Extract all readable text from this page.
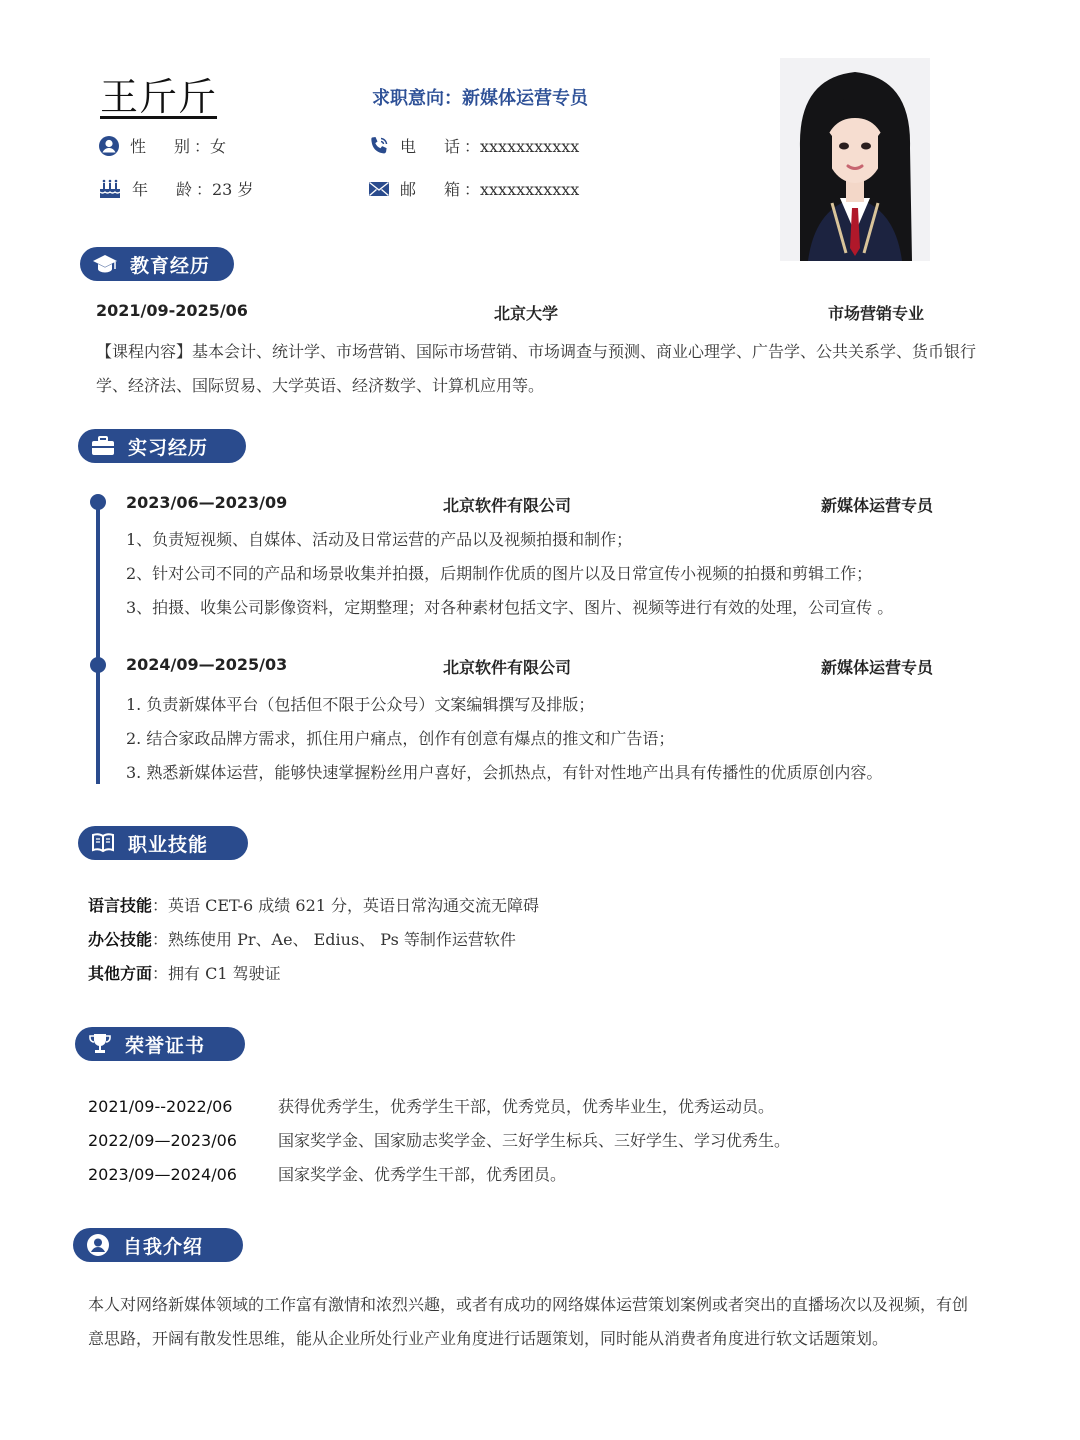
王斤斤	求职意向：新媒体运营专员
性别 ：女
年龄 ：23 岁
电话 ：xxxxxxxxxxx
邮箱 ：xxxxxxxxxxx
教育经历
2021/09-2025/06	北京大学	市场营销专业
【课程内容】基本会计、统计学、市场营销、国际市场营销、市场调查与预测、商业心理学、广告学、公共关系学、货币银行学、经济法、国际贸易、大学英语、经济数学、计算机应用等。
实习经历
2023/06—2023/09	北京软件有限公司	新媒体运营专员
1、负责短视频、自媒体、活动及日常运营的产品以及视频拍摄和制作；
2、针对公司不同的产品和场景收集并拍摄，后期制作优质的图片以及日常宣传小视频的拍摄和剪辑工作；
3、拍摄、收集公司影像资料，定期整理；对各种素材包括文字、图片、视频等进行有效的处理，公司宣传 。
2024/09—2025/03	北京软件有限公司	新媒体运营专员
1. 负责新媒体平台（包括但不限于公众号）文案编辑撰写及排版；
2. 结合家政品牌方需求，抓住用户痛点，创作有创意有爆点的推文和广告语；
3. 熟悉新媒体运营，能够快速掌握粉丝用户喜好，会抓热点，有针对性地产出具有传播性的优质原创内容。
职业技能
语言技能：英语 CET-6 成绩 621 分，英语日常沟通交流无障碍
办公技能：熟练使用 Pr、Ae、 Edius、 Ps 等制作运营软件
其他方面：拥有 C1 驾驶证
荣誉证书
2021/09--2022/06	获得优秀学生，优秀学生干部，优秀党员，优秀毕业生，优秀运动员。
2022/09—2023/06	国家奖学金、国家励志奖学金、三好学生标兵、三好学生、学习优秀生。
2023/09—2024/06	国家奖学金、优秀学生干部，优秀团员。
自我介绍
本人对网络新媒体领域的工作富有激情和浓烈兴趣，或者有成功的网络媒体运营策划案例或者突出的直播场次以及视频，有创意思路，开阔有散发性思维，能从企业所处行业产业角度进行话题策划，同时能从消费者角度进行软文话题策划。
